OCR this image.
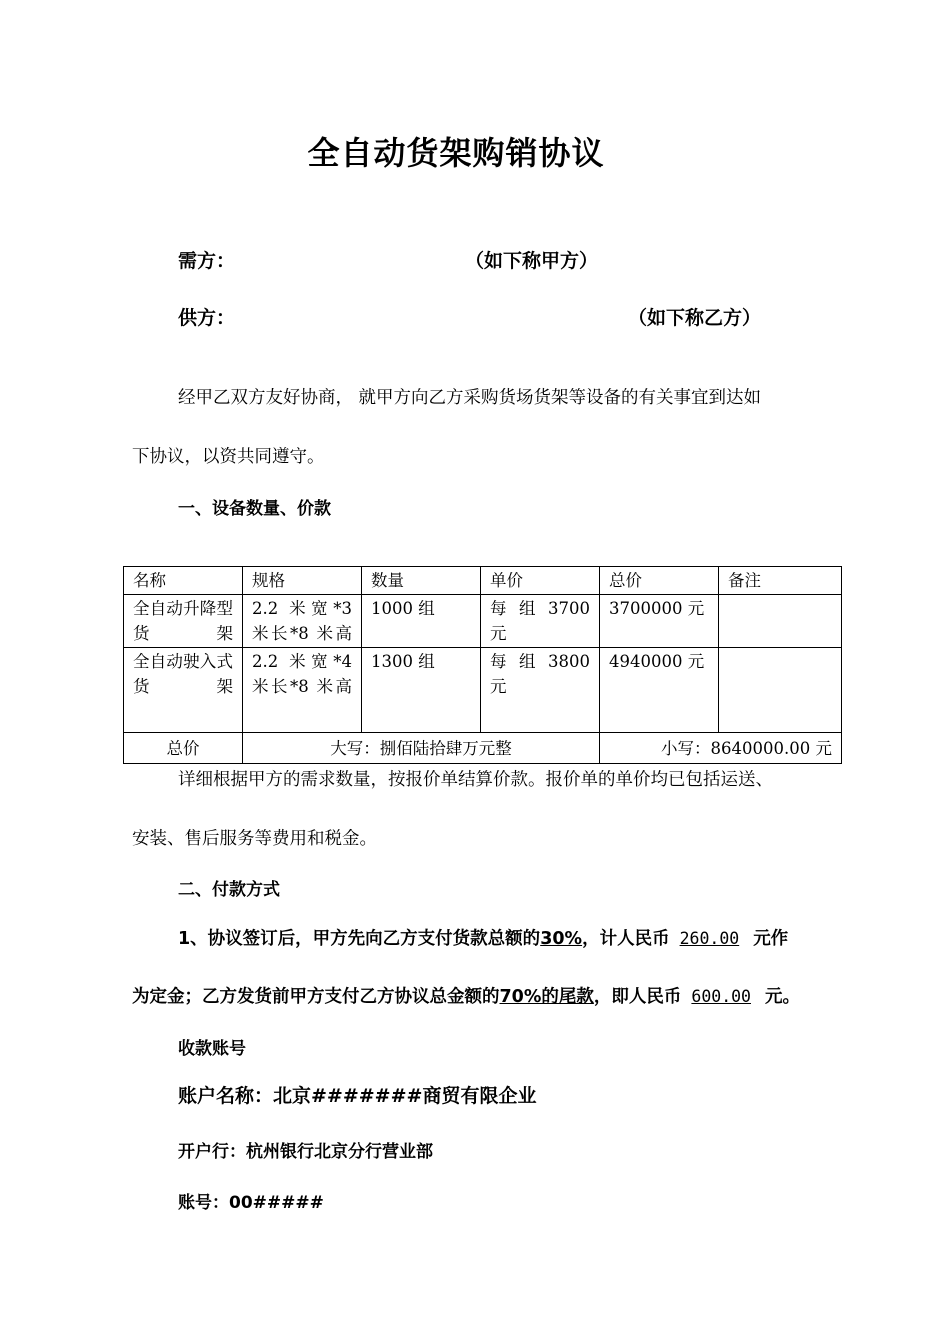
全自动货架购销协议
需方：	（如下称甲方）
供方：	（如下称乙方）
经甲乙双方友好协商， 就甲方向乙方采购货场货架等设备的有关事宜到达如
下协议，以资共同遵守。
一、设备数量、价款
名称	规格	数量	单价	总价	备注
全自动升降型货架	2.2 米宽*3 米长*8 米高	1000 组	每 组 3700 元	3700000 元	
全自动驶入式货架	2.2 米宽*4 米长*8 米高	1300 组	每 组 3800 元	4940000 元	
总价	大写：捌佰陆拾肆万元整			小写：8640000.00 元	
详细根据甲方的需求数量，按报价单结算价款。报价单的单价均已包括运送、
安装、售后服务等费用和税金。
二、付款方式
1、协议签订后，甲方先向乙方支付货款总额的30%，计人民币 260.00 元作
为定金；乙方发货前甲方支付乙方协议总金额的70%的尾款，即人民币 600.00 元。
收款账号
账户名称：北京#######商贸有限企业
开户行：杭州银行北京分行营业部
账号：00#####
